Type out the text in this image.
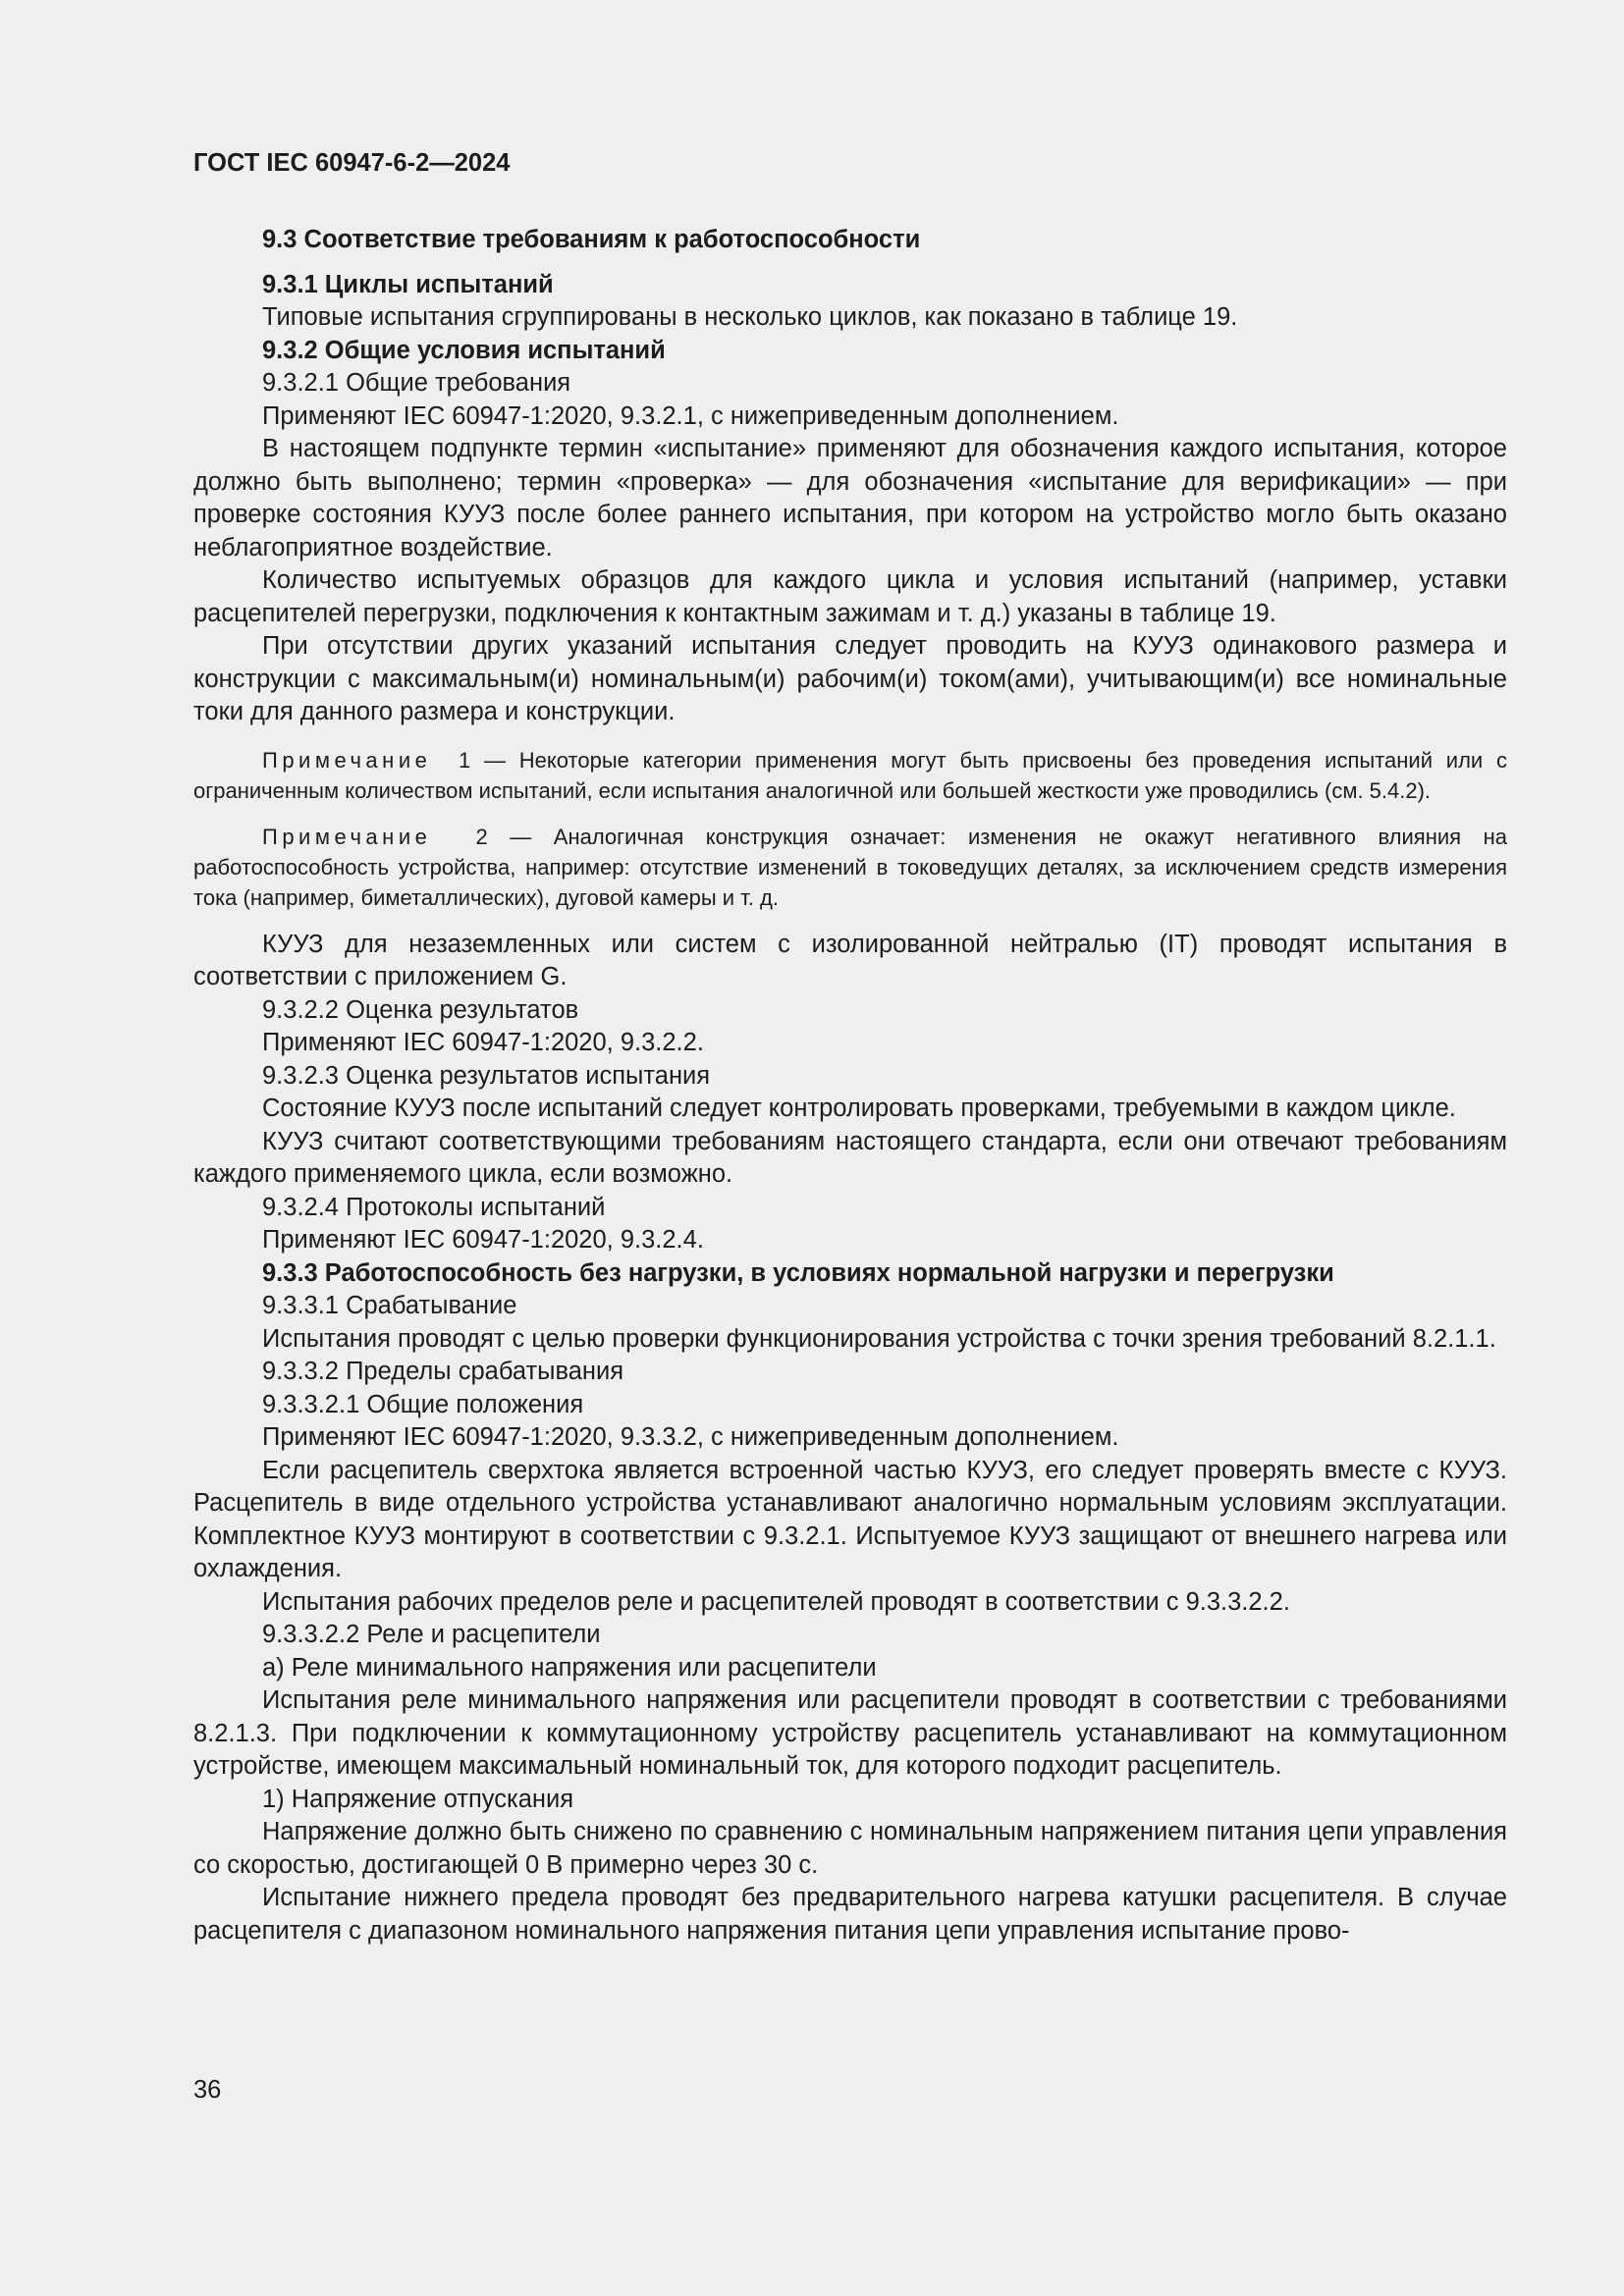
ГОСТ IEC 60947-6-2—2024

9.3 Соответствие требованиям к работоспособности

9.3.1 Циклы испытаний

Типовые испытания сгруппированы в несколько циклов, как показано в таблице 19.

9.3.2 Общие условия испытаний

9.3.2.1 Общие требования

Применяют IEC 60947-1:2020, 9.3.2.1, с нижеприведенным дополнением.

В настоящем подпункте термин «испытание» применяют для обозначения каждого испытания, которое должно быть выполнено; термин «проверка» — для обозначения «испытание для верификации» — при проверке состояния КУУЗ после более раннего испытания, при котором на устройство могло быть оказано неблагоприятное воздействие.

Количество испытуемых образцов для каждого цикла и условия испытаний (например, уставки расцепителей перегрузки, подключения к контактным зажимам и т. д.) указаны в таблице 19.

При отсутствии других указаний испытания следует проводить на КУУЗ одинакового размера и конструкции с максимальным(и) номинальным(и) рабочим(и) током(ами), учитывающим(и) все номинальные токи для данного размера и конструкции.

Примечание 1 — Некоторые категории применения могут быть присвоены без проведения испытаний или с ограниченным количеством испытаний, если испытания аналогичной или большей жесткости уже проводились (см. 5.4.2).

Примечание 2 — Аналогичная конструкция означает: изменения не окажут негативного влияния на работоспособность устройства, например: отсутствие изменений в токоведущих деталях, за исключением средств измерения тока (например, биметаллических), дуговой камеры и т. д.

КУУЗ для незаземленных или систем с изолированной нейтралью (IT) проводят испытания в соответствии с приложением G.

9.3.2.2 Оценка результатов

Применяют IEC 60947-1:2020, 9.3.2.2.

9.3.2.3 Оценка результатов испытания

Состояние КУУЗ после испытаний следует контролировать проверками, требуемыми в каждом цикле.

КУУЗ считают соответствующими требованиям настоящего стандарта, если они отвечают требованиям каждого применяемого цикла, если возможно.

9.3.2.4 Протоколы испытаний

Применяют IEC 60947-1:2020, 9.3.2.4.

9.3.3 Работоспособность без нагрузки, в условиях нормальной нагрузки и перегрузки

9.3.3.1 Срабатывание

Испытания проводят с целью проверки функционирования устройства с точки зрения требований 8.2.1.1.

9.3.3.2 Пределы срабатывания

9.3.3.2.1 Общие положения

Применяют IEC 60947-1:2020, 9.3.3.2, с нижеприведенным дополнением.

Если расцепитель сверхтока является встроенной частью КУУЗ, его следует проверять вместе с КУУЗ. Расцепитель в виде отдельного устройства устанавливают аналогично нормальным условиям эксплуатации. Комплектное КУУЗ монтируют в соответствии с 9.3.2.1. Испытуемое КУУЗ защищают от внешнего нагрева или охлаждения.

Испытания рабочих пределов реле и расцепителей проводят в соответствии с 9.3.3.2.2.

9.3.3.2.2 Реле и расцепители

a) Реле минимального напряжения или расцепители

Испытания реле минимального напряжения или расцепители проводят в соответствии с требованиями 8.2.1.3. При подключении к коммутационному устройству расцепитель устанавливают на коммутационном устройстве, имеющем максимальный номинальный ток, для которого подходит расцепитель.

1) Напряжение отпускания

Напряжение должно быть снижено по сравнению с номинальным напряжением питания цепи управления со скоростью, достигающей 0 В примерно через 30 с.

Испытание нижнего предела проводят без предварительного нагрева катушки расцепителя. В случае расцепителя с диапазоном номинального напряжения питания цепи управления испытание прово-

36
